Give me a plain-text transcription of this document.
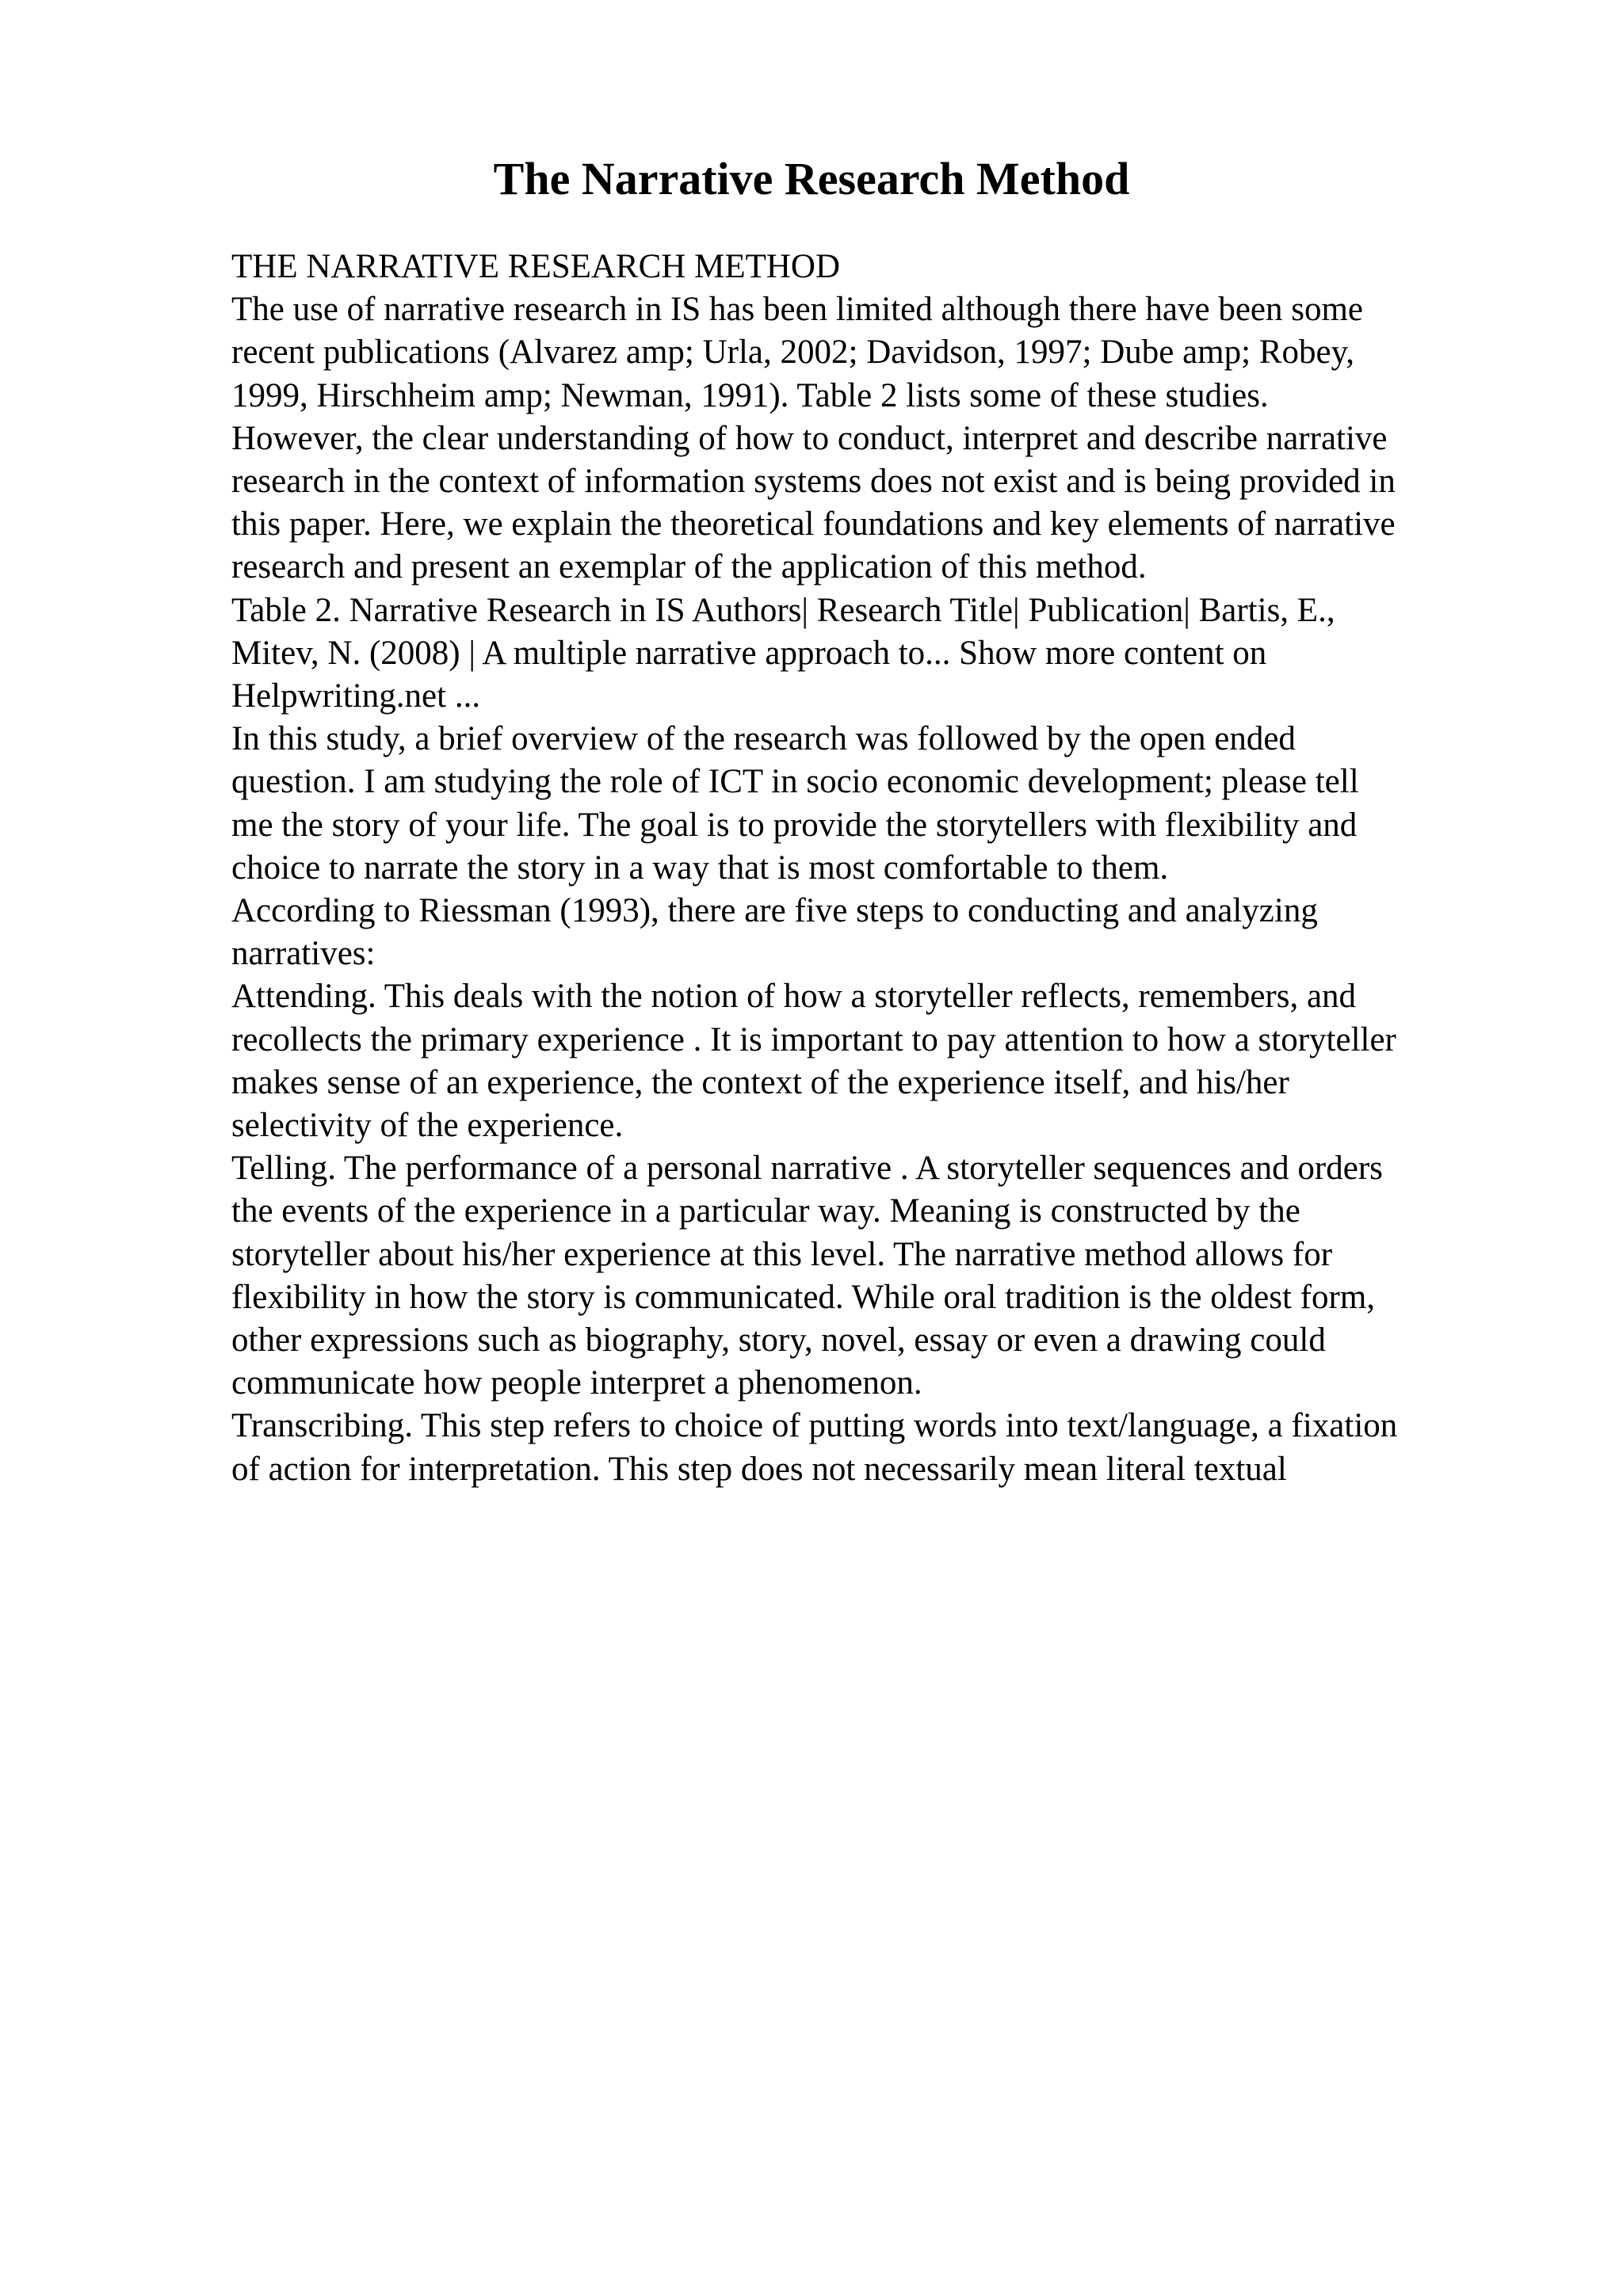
The Narrative Research Method
THE NARRATIVE RESEARCH METHOD
The use of narrative research in IS has been limited although there have been some
recent publications (Alvarez amp; Urla, 2002; Davidson, 1997; Dube amp; Robey,
1999, Hirschheim amp; Newman, 1991). Table 2 lists some of these studies.
However, the clear understanding of how to conduct, interpret and describe narrative
research in the context of information systems does not exist and is being provided in
this paper. Here, we explain the theoretical foundations and key elements of narrative
research and present an exemplar of the application of this method.
Table 2. Narrative Research in IS Authors| Research Title| Publication| Bartis, E.,
Mitev, N. (2008) | A multiple narrative approach to... Show more content on
Helpwriting.net ...
In this study, a brief overview of the research was followed by the open ended
question. I am studying the role of ICT in socio economic development; please tell
me the story of your life. The goal is to provide the storytellers with flexibility and
choice to narrate the story in a way that is most comfortable to them.
According to Riessman (1993), there are five steps to conducting and analyzing
narratives:
Attending. This deals with the notion of how a storyteller reflects, remembers, and
recollects the primary experience . It is important to pay attention to how a storyteller
makes sense of an experience, the context of the experience itself, and his/her
selectivity of the experience.
Telling. The performance of a personal narrative . A storyteller sequences and orders
the events of the experience in a particular way. Meaning is constructed by the
storyteller about his/her experience at this level. The narrative method allows for
flexibility in how the story is communicated. While oral tradition is the oldest form,
other expressions such as biography, story, novel, essay or even a drawing could
communicate how people interpret a phenomenon.
Transcribing. This step refers to choice of putting words into text/language, a fixation
of action for interpretation. This step does not necessarily mean literal textual
